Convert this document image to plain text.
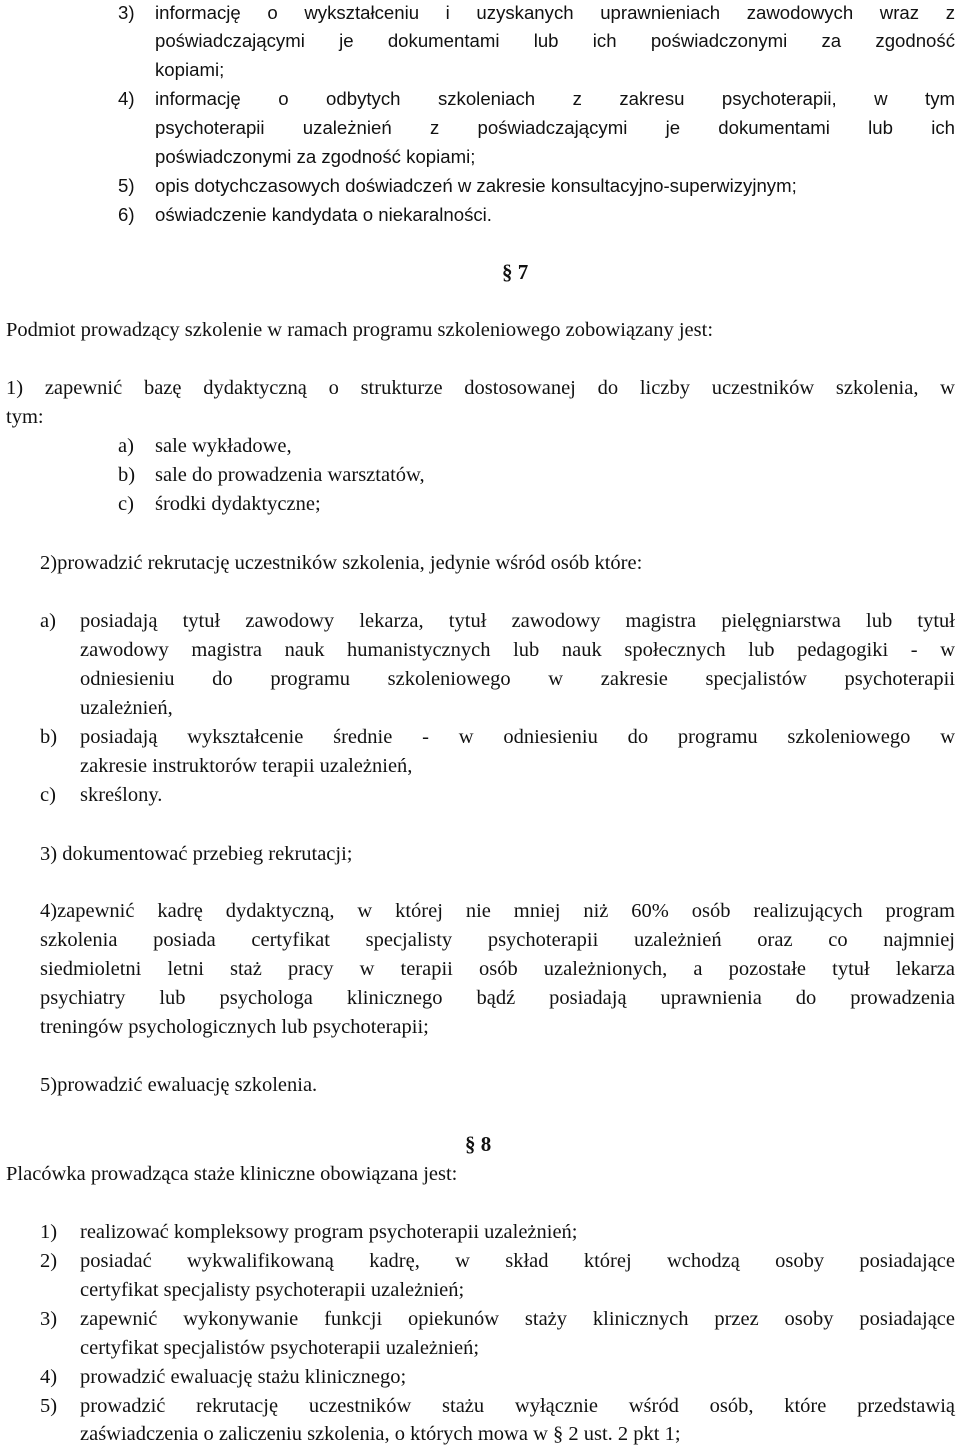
3) informację o wykształceniu i uzyskanych uprawnieniach zawodowych wraz z
poświadczającymi je dokumentami lub ich poświadczonymi za zgodność
kopiami;
4) informację o odbytych szkoleniach z zakresu psychoterapii, w tym
psychoterapii uzależnień z poświadczającymi je dokumentami lub ich
poświadczonymi za zgodność kopiami;
5) opis dotychczasowych doświadczeń w zakresie konsultacyjno-superwizyjnym;
6) oświadczenie kandydata o niekaralności.
§ 7
Podmiot prowadzący szkolenie w ramach programu szkoleniowego zobowiązany jest:
1) zapewnić bazę dydaktyczną o strukturze dostosowanej do liczby uczestników szkolenia, w
tym:
a) sale wykładowe,
b) sale do prowadzenia warsztatów,
c) środki dydaktyczne;
2)prowadzić rekrutację uczestników szkolenia, jedynie wśród osób które:
a) posiadają tytuł zawodowy lekarza, tytuł zawodowy magistra pielęgniarstwa lub tytuł
zawodowy magistra nauk humanistycznych lub nauk społecznych lub pedagogiki - w
odniesieniu do programu szkoleniowego w zakresie specjalistów psychoterapii
uzależnień,
b) posiadają wykształcenie średnie - w odniesieniu do programu szkoleniowego w
zakresie instruktorów terapii uzależnień,
c) skreślony.
3) dokumentować przebieg rekrutacji;
4)zapewnić kadrę dydaktyczną, w której nie mniej niż 60% osób realizujących program
szkolenia posiada certyfikat specjalisty psychoterapii uzależnień oraz co najmniej
siedmioletni letni staż pracy w terapii osób uzależnionych, a pozostałe tytuł lekarza
psychiatry lub psychologa klinicznego bądź posiadają uprawnienia do prowadzenia
treningów psychologicznych lub psychoterapii;
5)prowadzić ewaluację szkolenia.
§ 8
Placówka prowadząca staże kliniczne obowiązana jest:
1) realizować kompleksowy program psychoterapii uzależnień;
2) posiadać wykwalifikowaną kadrę, w skład której wchodzą osoby posiadające
certyfikat specjalisty psychoterapii uzależnień;
3) zapewnić wykonywanie funkcji opiekunów staży klinicznych przez osoby posiadające
certyfikat specjalistów psychoterapii uzależnień;
4) prowadzić ewaluację stażu klinicznego;
5) prowadzić rekrutację uczestników stażu wyłącznie wśród osób, które przedstawią
zaświadczenia o zaliczeniu szkolenia, o których mowa w § 2 ust. 2 pkt 1;
